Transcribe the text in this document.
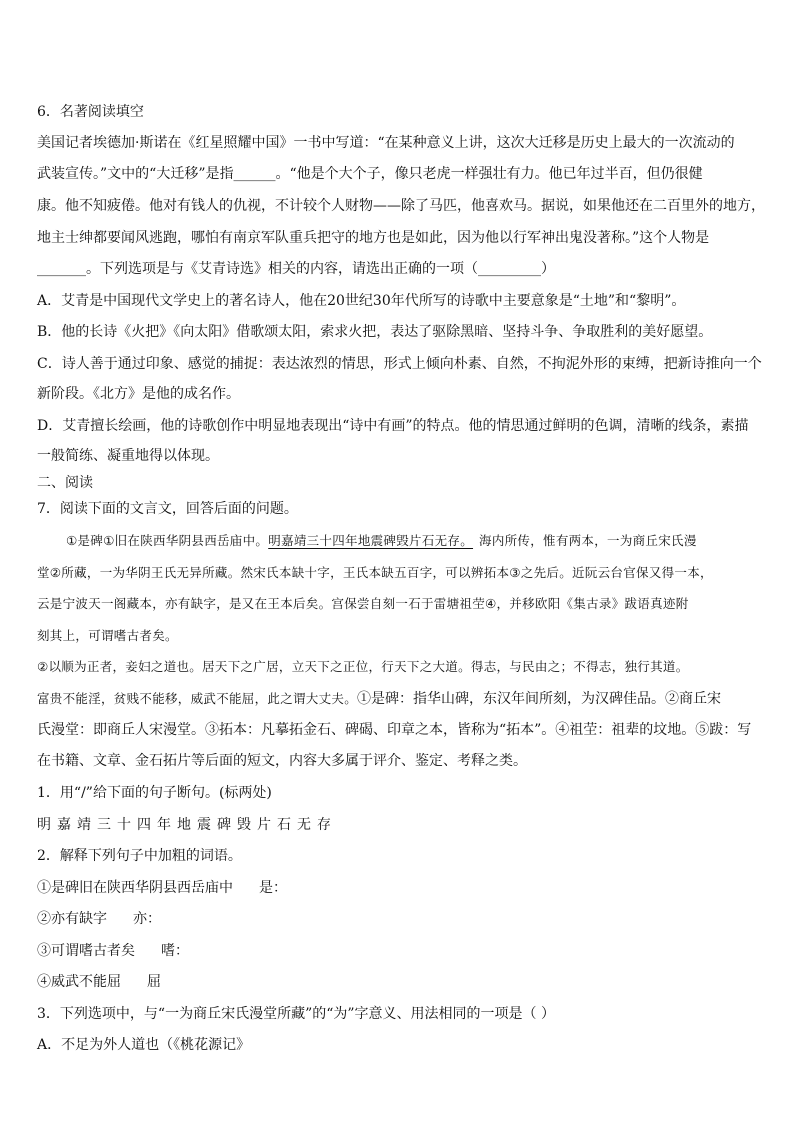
6．名著阅读填空
美国记者埃德加·斯诺在《红星照耀中国》一书中写道：“在某种意义上讲，这次大迁移是历史上最大的一次流动的
武装宣传。”文中的“大迁移”是指______。“他是个大个子，像只老虎一样强壮有力。他已年过半百，但仍很健
康。他不知疲倦。他对有钱人的仇视，不计较个人财物——除了马匹，他喜欢马。据说，如果他还在二百里外的地方，
地主士绅都要闻风逃跑，哪怕有南京军队重兵把守的地方也是如此，因为他以行军神出鬼没著称。”这个人物是
_______。下列选项是与《艾青诗选》相关的内容，请选出正确的一项（_________）
A．艾青是中国现代文学史上的著名诗人，他在20世纪30年代所写的诗歌中主要意象是“土地”和“黎明”。
B．他的长诗《火把》《向太阳》借歌颂太阳，索求火把，表达了驱除黑暗、坚持斗争、争取胜利的美好愿望。
C．诗人善于通过印象、感觉的捕捉：表达浓烈的情思，形式上倾向朴素、自然，不拘泥外形的束缚，把新诗推向一个
新阶段。《北方》是他的成名作。
D．艾青擅长绘画，他的诗歌创作中明显地表现出“诗中有画”的特点。他的情思通过鲜明的色调，清晰的线条，素描
一般简练、凝重地得以体现。
二、阅读
7．阅读下面的文言文，回答后面的问题。
①是碑①旧在陕西华阴县西岳庙中。明嘉靖三十四年地震碑毁片石无存。 海内所传，惟有两本，一为商丘宋氏漫
堂②所藏，一为华阴王氏无异所藏。然宋氏本缺十字，王氏本缺五百字，可以辨拓本③之先后。近阮云台官保又得一本，
云是宁波天一阁藏本，亦有缺字，是又在王本后矣。宫保尝自刻一石于雷塘祖茔④，并移欧阳《集古录》跋语真迹附
刻其上，可谓嗜古者矣。
②以顺为正者，妾妇之道也。居天下之广居，立天下之正位，行天下之大道。得志，与民由之；不得志，独行其道。
富贵不能淫，贫贱不能移，威武不能屈，此之谓大丈夫。①是碑：指华山碑，东汉年间所刻，为汉碑佳品。②商丘宋
氏漫堂：即商丘人宋漫堂。③拓本：凡摹拓金石、碑碣、印章之本，皆称为“拓本”。④祖茔：祖辈的坟地。⑤跋：写
在书籍、文章、金石拓片等后面的短文，内容大多属于评介、鉴定、考释之类。
1．用“/”给下面的句子断句。(标两处)
明嘉靖三十四年地震碑毁片石无存
2．解释下列句子中加粗的词语。
①是碑旧在陕西华阴县西岳庙中 是：
②亦有缺字 亦：
③可谓嗜古者矣 嗜：
④威武不能屈 屈
3．下列选项中，与“一为商丘宋氏漫堂所藏”的“为”字意义、用法相同的一项是（ ）
A．不足为外人道也（《桃花源记》
